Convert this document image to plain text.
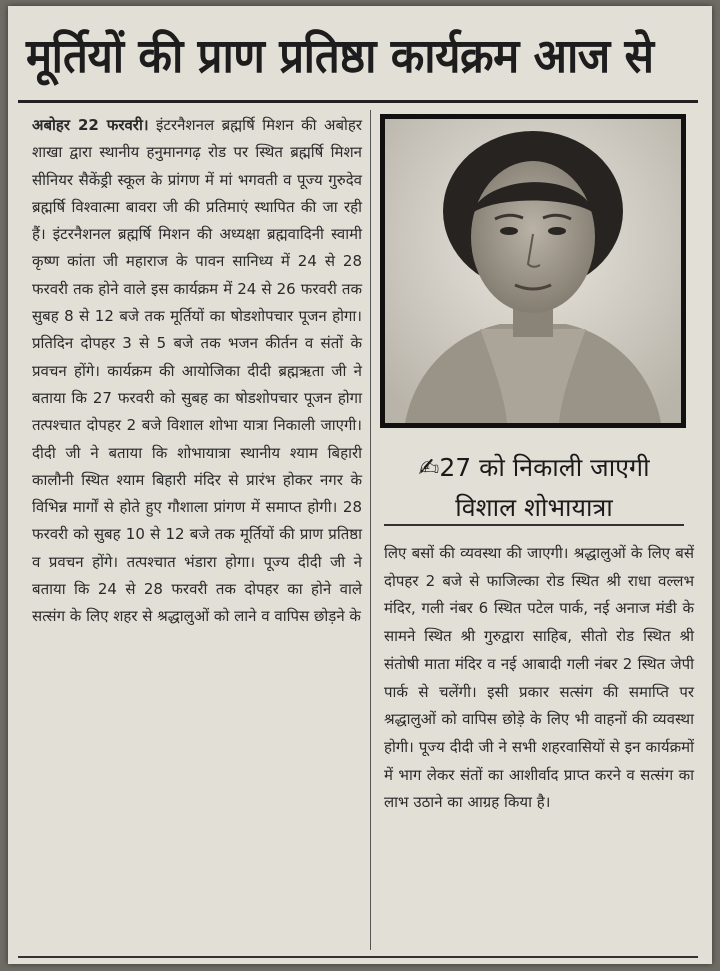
मूर्तियों की प्राण प्रतिष्ठा कार्यक्रम आज से

अबोहर 22 फरवरी। इंटरनैशनल ब्रह्मर्षि मिशन की अबोहर शाखा द्वारा स्थानीय हनुमानगढ़ रोड पर स्थित ब्रह्मर्षि मिशन सीनियर सैकेंड्री स्कूल के प्रांगण में मां भगवती व पूज्य गुरुदेव ब्रह्मर्षि विश्वात्मा बावरा जी की प्रतिमाएं स्थापित की जा रही हैं। इंटरनैशनल ब्रह्मर्षि मिशन की अध्यक्षा ब्रह्मवादिनी स्वामी कृष्ण कांता जी महाराज के पावन सानिध्य में 24 से 28 फरवरी तक होने वाले इस कार्यक्रम में 24 से 26 फरवरी तक सुबह 8 से 12 बजे तक मूर्तियों का षोडशोपचार पूजन होगा। प्रतिदिन दोपहर 3 से 5 बजे तक भजन कीर्तन व संतों के प्रवचन होंगे। कार्यक्रम की आयोजिका दीदी ब्रह्मऋता जी ने बताया कि 27 फरवरी को सुबह का षोडशोपचार पूजन होगा तत्पश्चात दोपहर 2 बजे विशाल शोभा यात्रा निकाली जाएगी। दीदी जी ने बताया कि शोभायात्रा स्थानीय श्याम बिहारी कालौनी स्थित श्याम बिहारी मंदिर से प्रारंभ होकर नगर के विभिन्न मार्गों से होते हुए गौशाला प्रांगण में समाप्त होगी। 28 फरवरी को सुबह 10 से 12 बजे तक मूर्तियों की प्राण प्रतिष्ठा व प्रवचन होंगे। तत्पश्चात भंडारा होगा। पूज्य दीदी जी ने बताया कि 24 से 28 फरवरी तक दोपहर का होने वाले सत्संग के लिए शहर से श्रद्धालुओं को लाने व वापिस छोड़ने के

✍27 को निकाली जाएगी
विशाल शोभायात्रा

लिए बसों की व्यवस्था की जाएगी। श्रद्धालुओं के लिए बसें दोपहर 2 बजे से फाजिल्का रोड स्थित श्री राधा वल्लभ मंदिर, गली नंबर 6 स्थित पटेल पार्क, नई अनाज मंडी के सामने स्थित श्री गुरुद्वारा साहिब, सीतो रोड स्थित श्री संतोषी माता मंदिर व नई आबादी गली नंबर 2 स्थित जेपी पार्क से चलेंगी। इसी प्रकार सत्संग की समाप्ति पर श्रद्धालुओं को वापिस छोड़े के लिए भी वाहनों की व्यवस्था होगी। पूज्य दीदी जी ने सभी शहरवासियों से इन कार्यक्रमों में भाग लेकर संतों का आशीर्वाद प्राप्त करने व सत्संग का लाभ उठाने का आग्रह किया है।
